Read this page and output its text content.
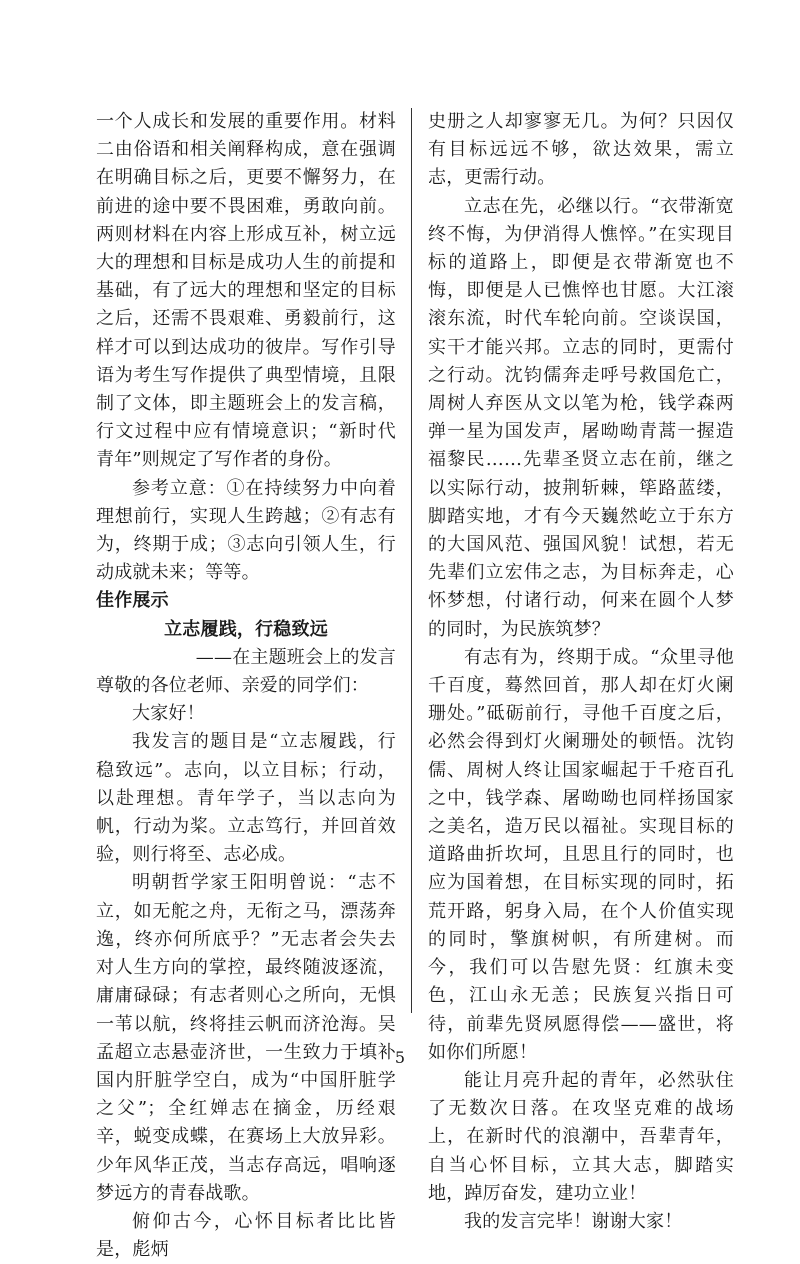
一个人成长和发展的重要作用。材料二由俗语和相关阐释构成，意在强调在明确目标之后，更要不懈努力，在前进的途中要不畏困难，勇敢向前。两则材料在内容上形成互补，树立远大的理想和目标是成功人生的前提和基础，有了远大的理想和坚定的目标之后，还需不畏艰难、勇毅前行，这样才可以到达成功的彼岸。写作引导语为考生写作提供了典型情境，且限制了文体，即主题班会上的发言稿，行文过程中应有情境意识；“新时代青年”则规定了写作者的身份。

参考立意：①在持续努力中向着理想前行，实现人生跨越；②有志有为，终期于成；③志向引领人生，行动成就未来；等等。

佳作展示

立志履践，行稳致远

——在主题班会上的发言

尊敬的各位老师、亲爱的同学们：

大家好！

我发言的题目是“立志履践，行稳致远”。志向，以立目标；行动，以赴理想。青年学子，当以志向为帆，行动为桨。立志笃行，并回首效验，则行将至、志必成。

明朝哲学家王阳明曾说：“志不立，如无舵之舟，无衔之马，漂荡奔逸，终亦何所底乎？”无志者会失去对人生方向的掌控，最终随波逐流，庸庸碌碌；有志者则心之所向，无惧一苇以航，终将挂云帆而济沧海。吴孟超立志悬壶济世，一生致力于填补国内肝脏学空白，成为“中国肝脏学之父”；全红婵志在摘金，历经艰辛，蜕变成蝶，在赛场上大放异彩。少年风华正茂，当志存高远，唱响逐梦远方的青春战歌。

俯仰古今，心怀目标者比比皆是，彪炳

史册之人却寥寥无几。为何？只因仅有目标远远不够，欲达效果，需立志，更需行动。

立志在先，必继以行。“衣带渐宽终不悔，为伊消得人憔悴。”在实现目标的道路上，即便是衣带渐宽也不悔，即便是人已憔悴也甘愿。大江滚滚东流，时代车轮向前。空谈误国，实干才能兴邦。立志的同时，更需付之行动。沈钧儒奔走呼号救国危亡，周树人弃医从文以笔为枪，钱学森两弹一星为国发声，屠呦呦青蒿一握造福黎民……先辈圣贤立志在前，继之以实际行动，披荆斩棘，筚路蓝缕，脚踏实地，才有今天巍然屹立于东方的大国风范、强国风貌！试想，若无先辈们立宏伟之志，为目标奔走，心怀梦想，付诸行动，何来在圆个人梦的同时，为民族筑梦？

有志有为，终期于成。“众里寻他千百度，蓦然回首，那人却在灯火阑珊处。”砥砺前行，寻他千百度之后，必然会得到灯火阑珊处的顿悟。沈钧儒、周树人终让国家崛起于千疮百孔之中，钱学森、屠呦呦也同样扬国家之美名，造万民以福祉。实现目标的道路曲折坎坷，且思且行的同时，也应为国着想，在目标实现的同时，拓荒开路，躬身入局，在个人价值实现的同时，擎旗树帜，有所建树。而今，我们可以告慰先贤：红旗未变色，江山永无恙；民族复兴指日可待，前辈先贤夙愿得偿——盛世，将如你们所愿！

能让月亮升起的青年，必然驮住了无数次日落。在攻坚克难的战场上，在新时代的浪潮中，吾辈青年，自当心怀目标，立其大志，脚踏实地，踔厉奋发，建功立业！

我的发言完毕！谢谢大家！

5
